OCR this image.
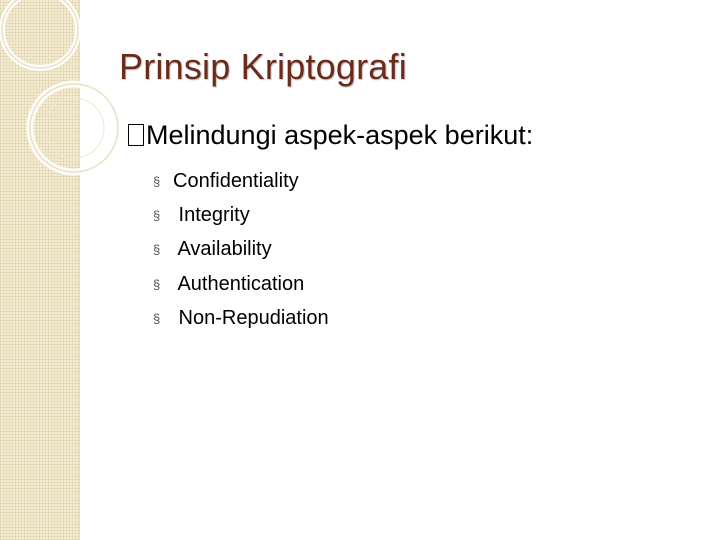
Prinsip Kriptografi
Melindungi aspek-aspek berikut:
§ Confidentiality
§ Integrity
§ Availability
§ Authentication
§ Non-Repudiation
